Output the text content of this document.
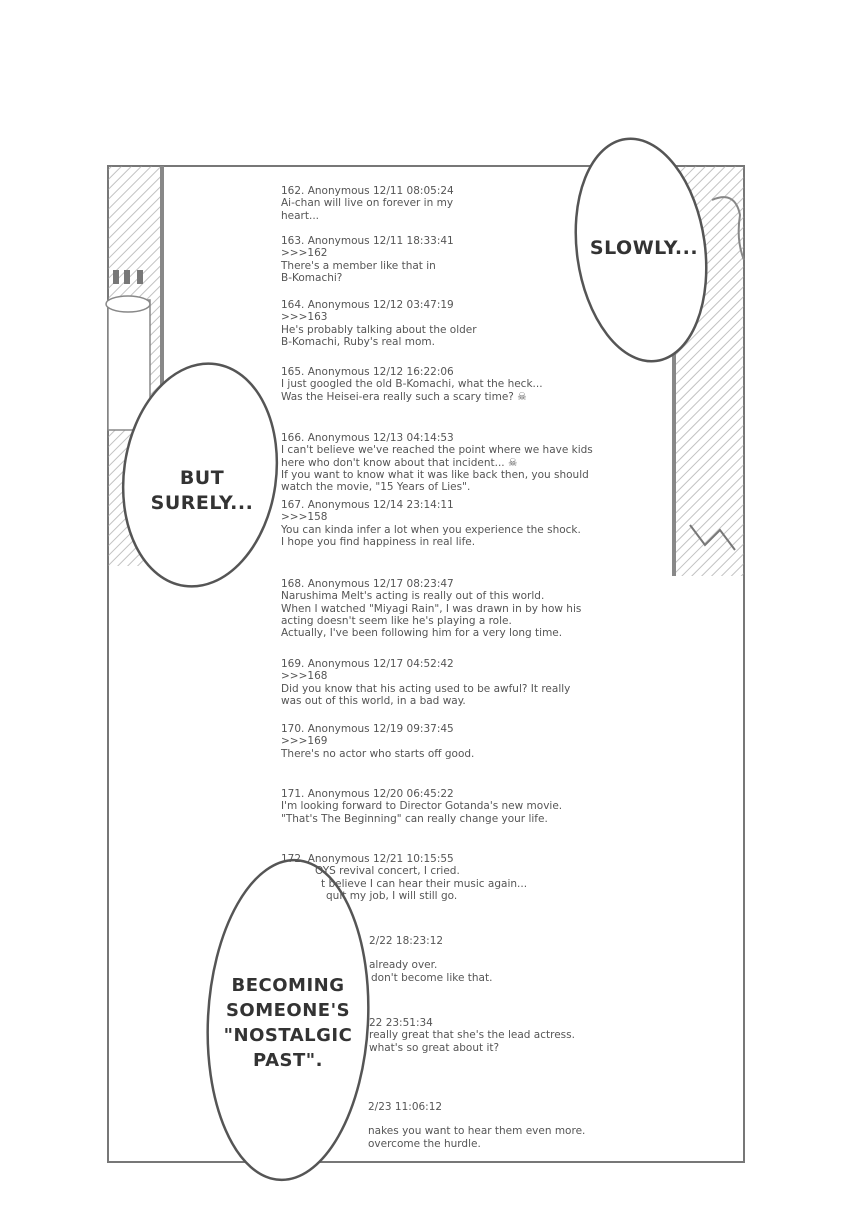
162. Anonymous 12/11 08:05:24
Ai-chan will live on forever in my
heart...
163. Anonymous 12/11 18:33:41
>>>162
There's a member like that in
B-Komachi?
164. Anonymous 12/12 03:47:19
>>>163
He's probably talking about the older
B-Komachi, Ruby's real mom.
165. Anonymous 12/12 16:22:06
I just googled the old B-Komachi, what the heck...
Was the Heisei-era really such a scary time? ☠
166. Anonymous 12/13 04:14:53
I can't believe we've reached the point where we have kids
here who don't know about that incident... ☠
If you want to know what it was like back then, you should
watch the movie, "15 Years of Lies".
167. Anonymous 12/14 23:14:11
>>>158
You can kinda infer a lot when you experience the shock.
I hope you find happiness in real life.
168. Anonymous 12/17 08:23:47
Narushima Melt's acting is really out of this world.
When I watched "Miyagi Rain", I was drawn in by how his
acting doesn't seem like he's playing a role.
Actually, I've been following him for a very long time.
169. Anonymous 12/17 04:52:42
>>>168
Did you know that his acting used to be awful? It really
was out of this world, in a bad way.
170. Anonymous 12/19 09:37:45
>>>169
There's no actor who starts off good.
171. Anonymous 12/20 06:45:22
I'm looking forward to Director Gotanda's new movie.
"That's The Beginning" can really change your life.
172. Anonymous 12/21 10:15:55
OYS revival concert, I cried.
t believe I can hear their music again...
quit my job, I will still go.
2/22 18:23:12
already over.
don't become like that.
22 23:51:34
really great that she's the lead actress.
what's so great about it?
2/23 11:06:12
nakes you want to hear them even more.
overcome the hurdle.
SLOWLY...
BUT
SURELY...
BECOMING
SOMEONE'S
"NOSTALGIC
PAST".
